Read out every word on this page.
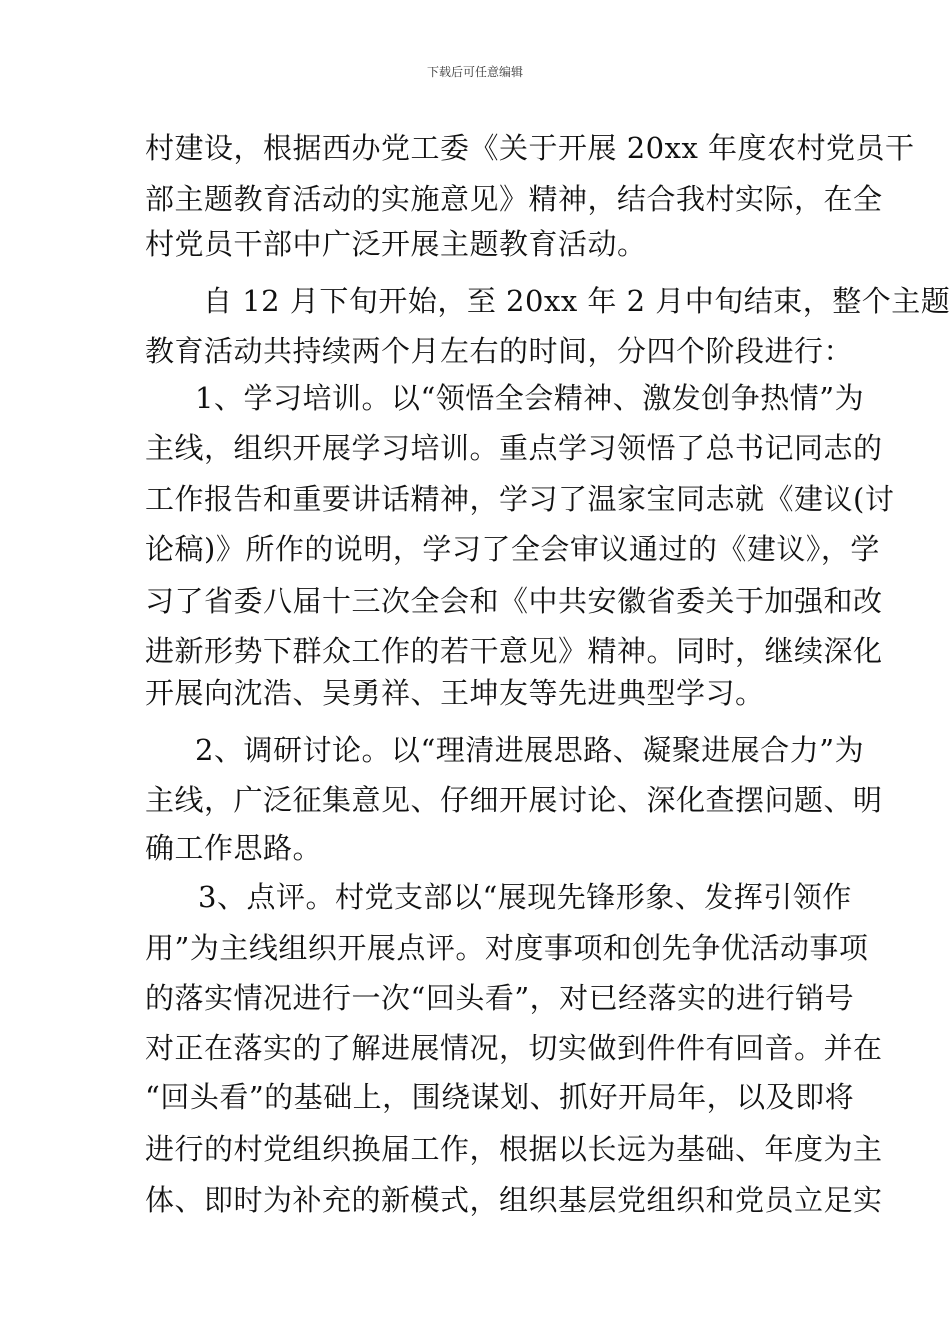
下载后可任意编辑
村建设，根据西办党工委《关于开展 20xx 年度农村党员干
部主题教育活动的实施意见》精神，结合我村实际，在全
村党员干部中广泛开展主题教育活动。
自 12 月下旬开始，至 20xx 年 2 月中旬结束，整个主题
教育活动共持续两个月左右的时间，分四个阶段进行：
1、学习培训。以“领悟全会精神、激发创争热情”为
主线，组织开展学习培训。重点学习领悟了总书记同志的
工作报告和重要讲话精神，学习了温家宝同志就《建议(讨
论稿)》所作的说明，学习了全会审议通过的《建议》，学
习了省委八届十三次全会和《中共安徽省委关于加强和改
进新形势下群众工作的若干意见》精神。同时，继续深化
开展向沈浩、吴勇祥、王坤友等先进典型学习。
2、调研讨论。以“理清进展思路、凝聚进展合力”为
主线，广泛征集意见、仔细开展讨论、深化查摆问题、明
确工作思路。
3、点评。村党支部以“展现先锋形象、发挥引领作
用”为主线组织开展点评。对度事项和创先争优活动事项
的落实情况进行一次“回头看”，对已经落实的进行销号
对正在落实的了解进展情况，切实做到件件有回音。并在
“回头看”的基础上，围绕谋划、抓好开局年，以及即将
进行的村党组织换届工作，根据以长远为基础、年度为主
体、即时为补充的新模式，组织基层党组织和党员立足实
